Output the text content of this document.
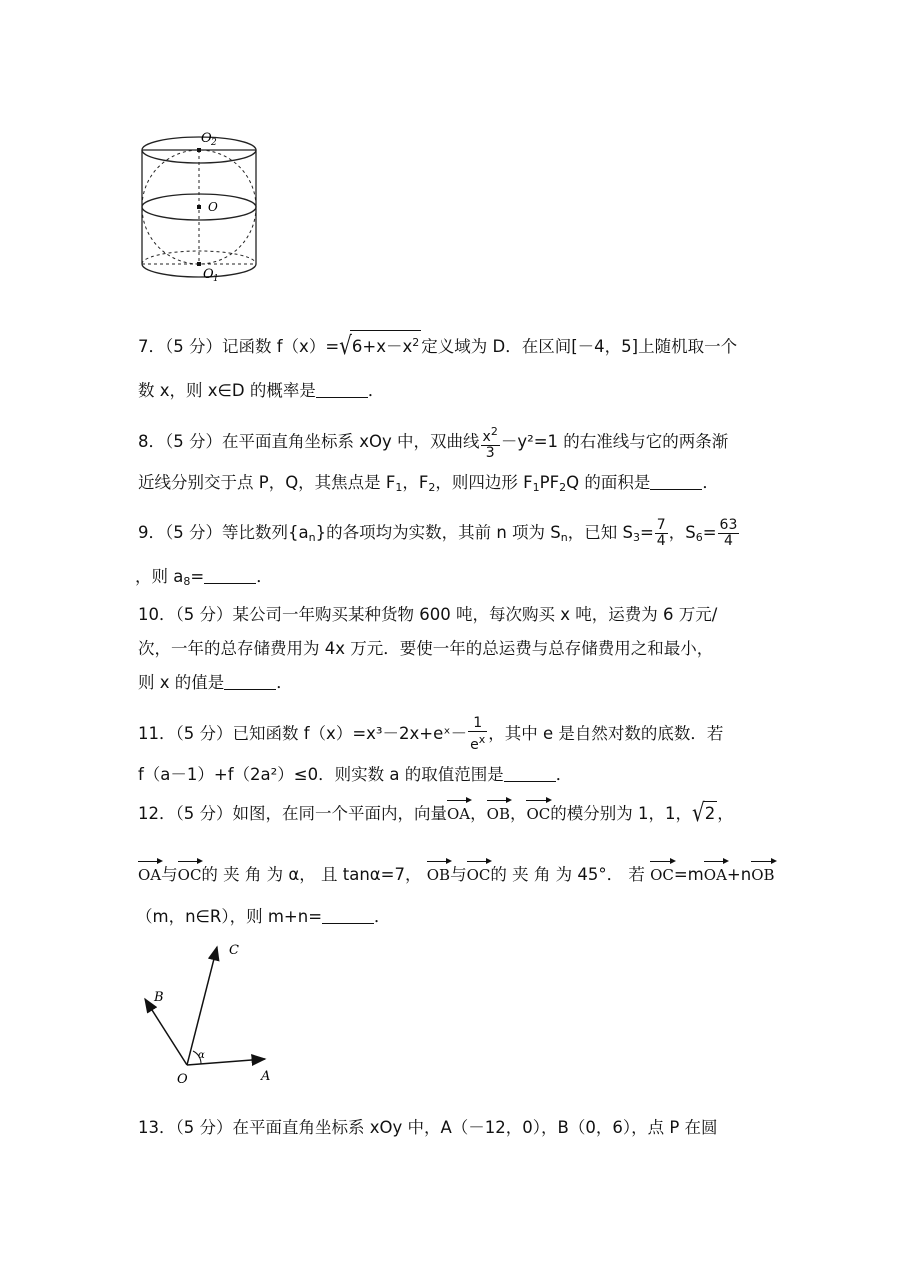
O 2
O
O 1
7．（5 分）记函数 $f(x)=√6+x-x^2$ 定义域为 D．在区间[－4，5]上随机取一个
数 x，则 x∈D 的概率是	．
8．（5 分）在平面直角坐标系 xOy 中，双曲线 $\frac{x^2}{3} -y^2=1$ 的右准线与它的两条渐
近线分别交于点 P，Q，其焦点是 $F_1$，$F_2$，则四边形 $F_1PF_2Q$ 的面积是	．
9．（5 分）等比数列$\{a_n\}$的各项均为实数，其前 n 项为 $S_n$，已知 $S_3= \frac{7}{4}$ ，$S_6= \frac{63}{4}$
，则 $a_8=$	．
10．（5 分）某公司一年购买某种货物 600 吨，每次购买 x 吨，运费为 6 万元/
次，一年的总存储费用为 4x 万元．要使一年的总运费与总存储费用之和最小，
则 x 的值是	．
11．（5 分）已知函数 f（x）=x³－2x+eˣ－ $\frac{1}{e^x}$ ，其中 e 是自然对数的底数．若
f（a－1）+f（2a²）≤0．则实数 a 的取值范围是	．
12．（5 分）如图，在同一个平面内，向量OA，OB，OC的模分别为 1，1，√2 ，
OA与OC的 夹 角 为 α， 且 tanα=7， OB与OC的 夹 角 为 45°． 若 OC=mOA+nOB
（m，n∈R），则 m+n=	．
C
B
A
O
α
13．（5 分）在平面直角坐标系 xOy 中，A（－12，0），B（0，6），点 P 在圆
